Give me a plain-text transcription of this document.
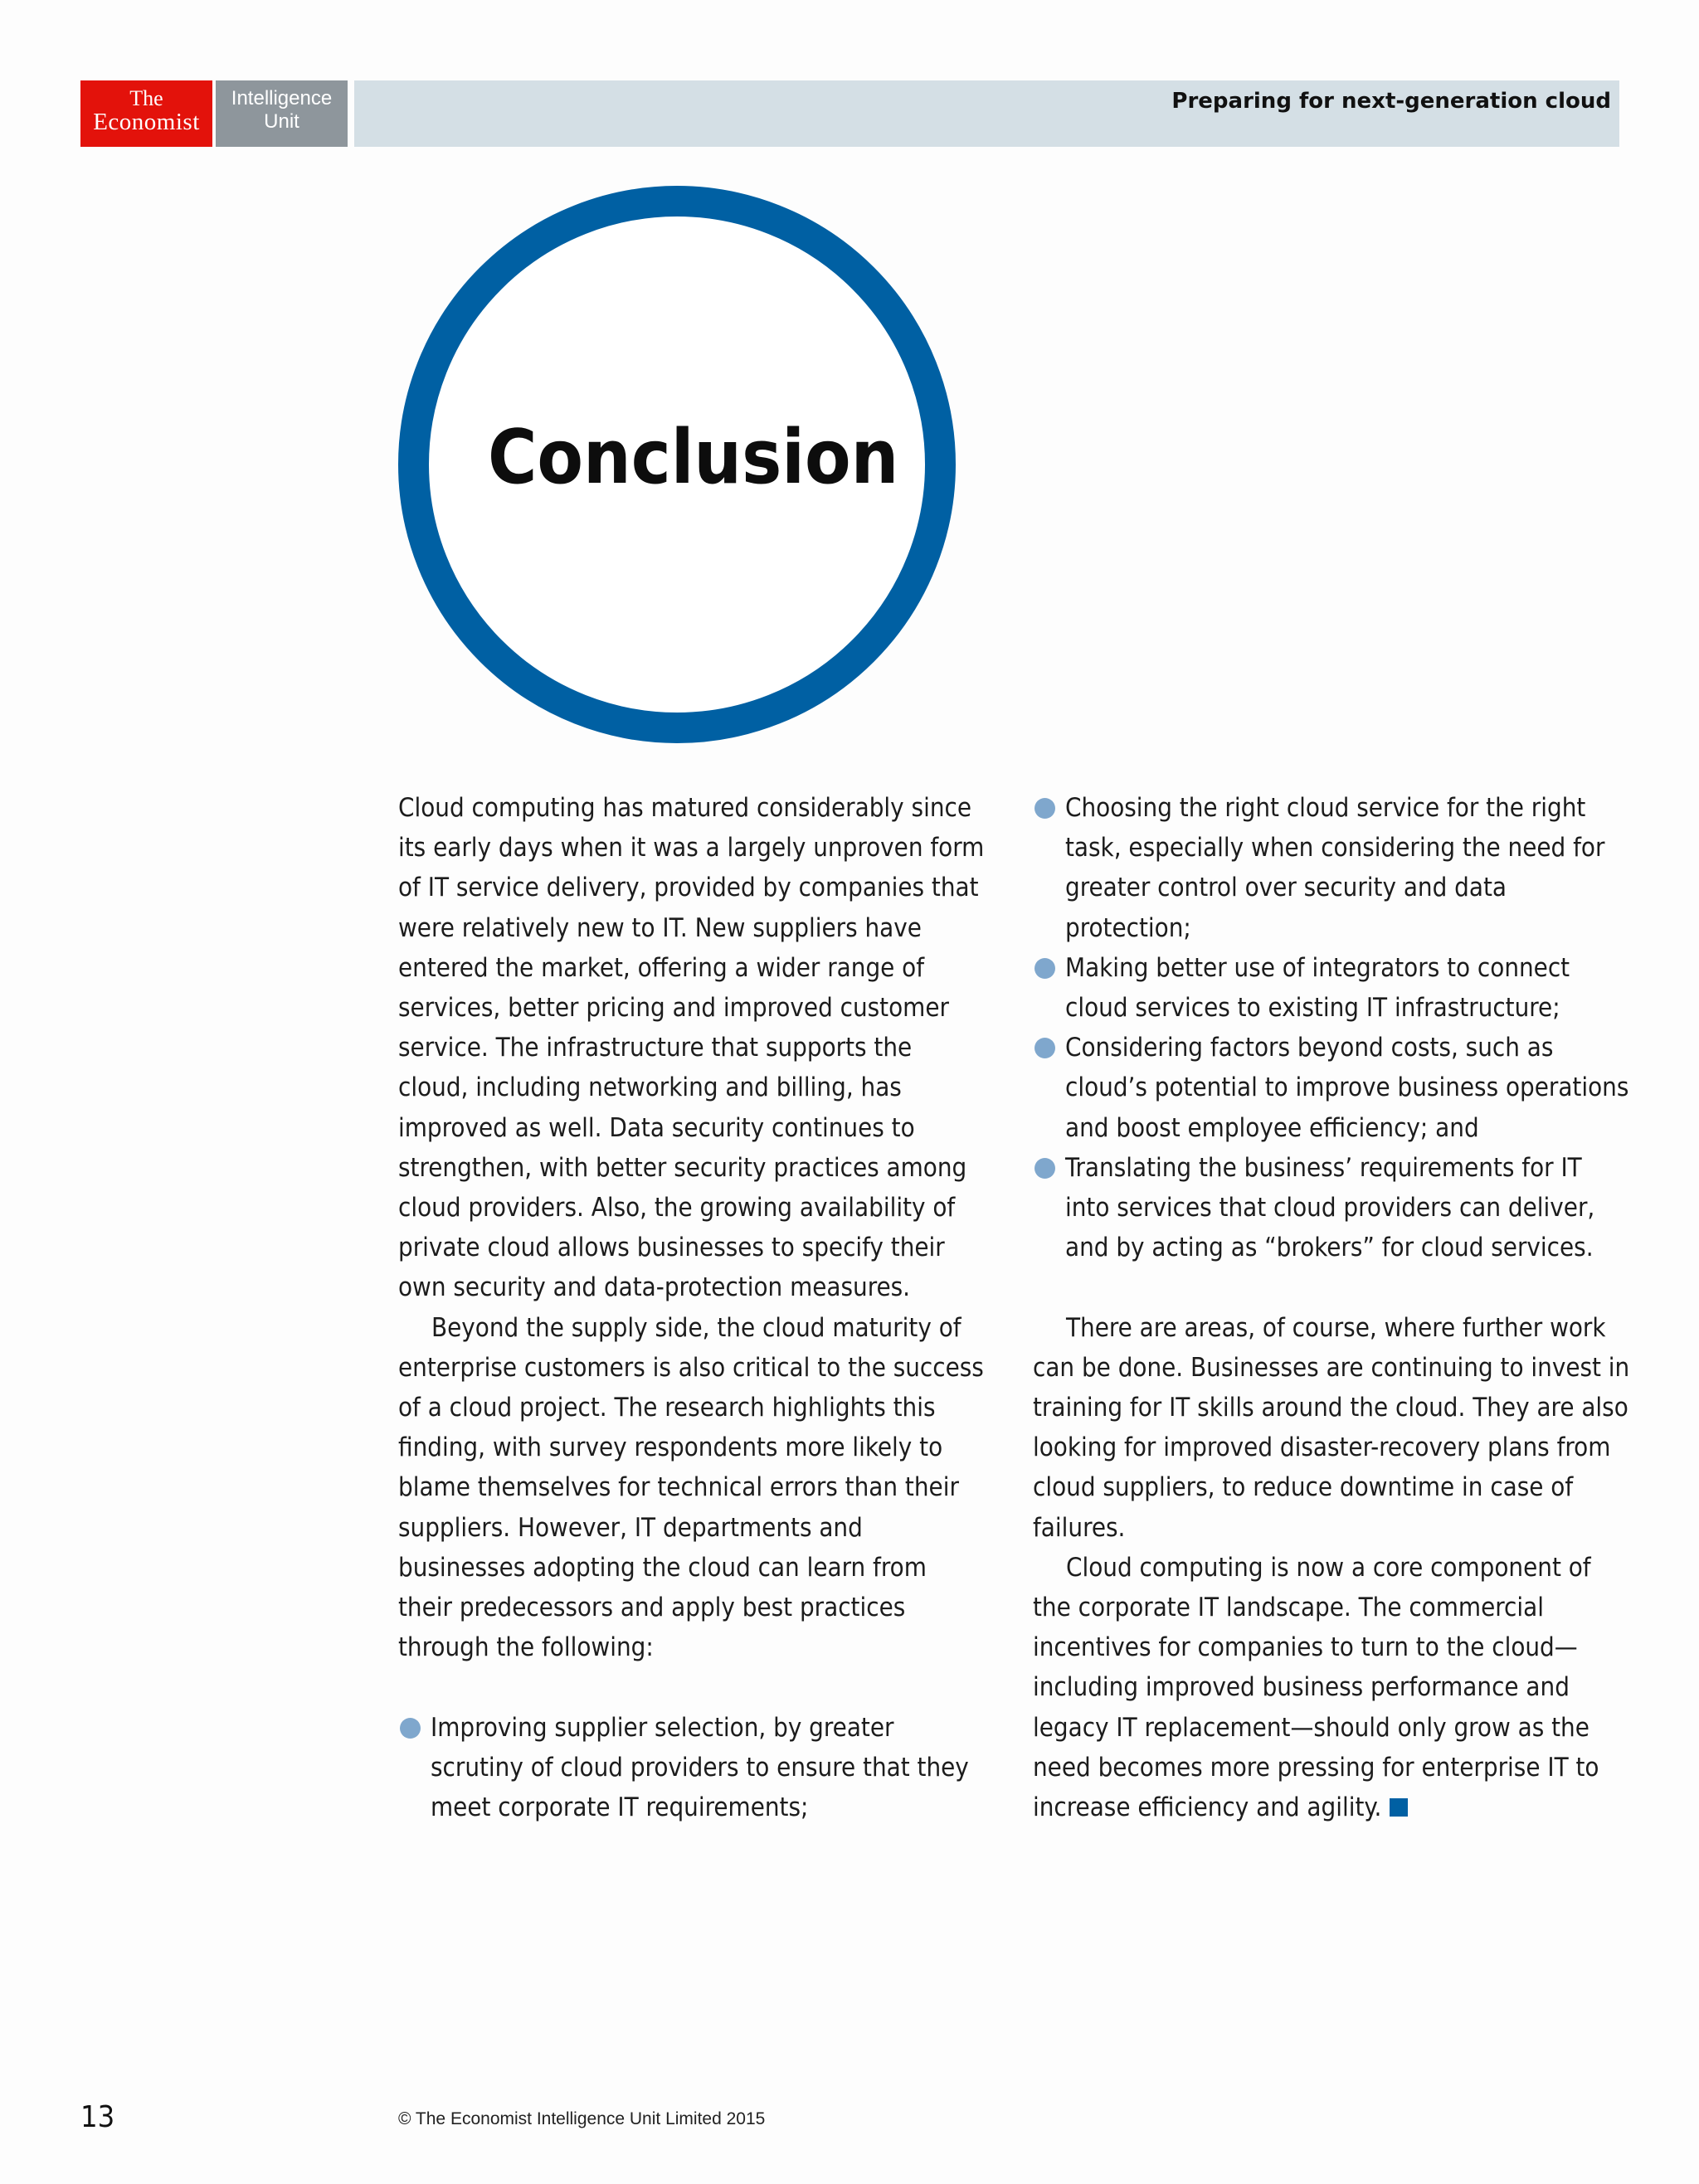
The
Economist
Intelligence
Unit
Preparing for next-generation cloud
Conclusion

Cloud computing has matured considerably since its early days when it was a largely unproven form of IT service delivery, provided by companies that were relatively new to IT. New suppliers have entered the market, offering a wider range of services, better pricing and improved customer service. The infrastructure that supports the cloud, including networking and billing, has improved as well. Data security continues to strengthen, with better security practices among cloud providers. Also, the growing availability of private cloud allows businesses to specify their own security and data-protection measures.

Beyond the supply side, the cloud maturity of enterprise customers is also critical to the success of a cloud project. The research highlights this finding, with survey respondents more likely to blame themselves for technical errors than their suppliers. However, IT departments and businesses adopting the cloud can learn from their predecessors and apply best practices through the following:

Improving supplier selection, by greater scrutiny of cloud providers to ensure that they meet corporate IT requirements;
Choosing the right cloud service for the right task, especially when considering the need for greater control over security and data protection;
Making better use of integrators to connect cloud services to existing IT infrastructure;
Considering factors beyond costs, such as cloud’s potential to improve business operations and boost employee efficiency; and
Translating the business’ requirements for IT into services that cloud providers can deliver, and by acting as “brokers” for cloud services.

There are areas, of course, where further work can be done. Businesses are continuing to invest in training for IT skills around the cloud. They are also looking for improved disaster-recovery plans from cloud suppliers, to reduce downtime in case of failures.

Cloud computing is now a core component of the corporate IT landscape. The commercial incentives for companies to turn to the cloud—including improved business performance and legacy IT replacement—should only grow as the need becomes more pressing for enterprise IT to increase efficiency and agility.

13	© The Economist Intelligence Unit Limited 2015
